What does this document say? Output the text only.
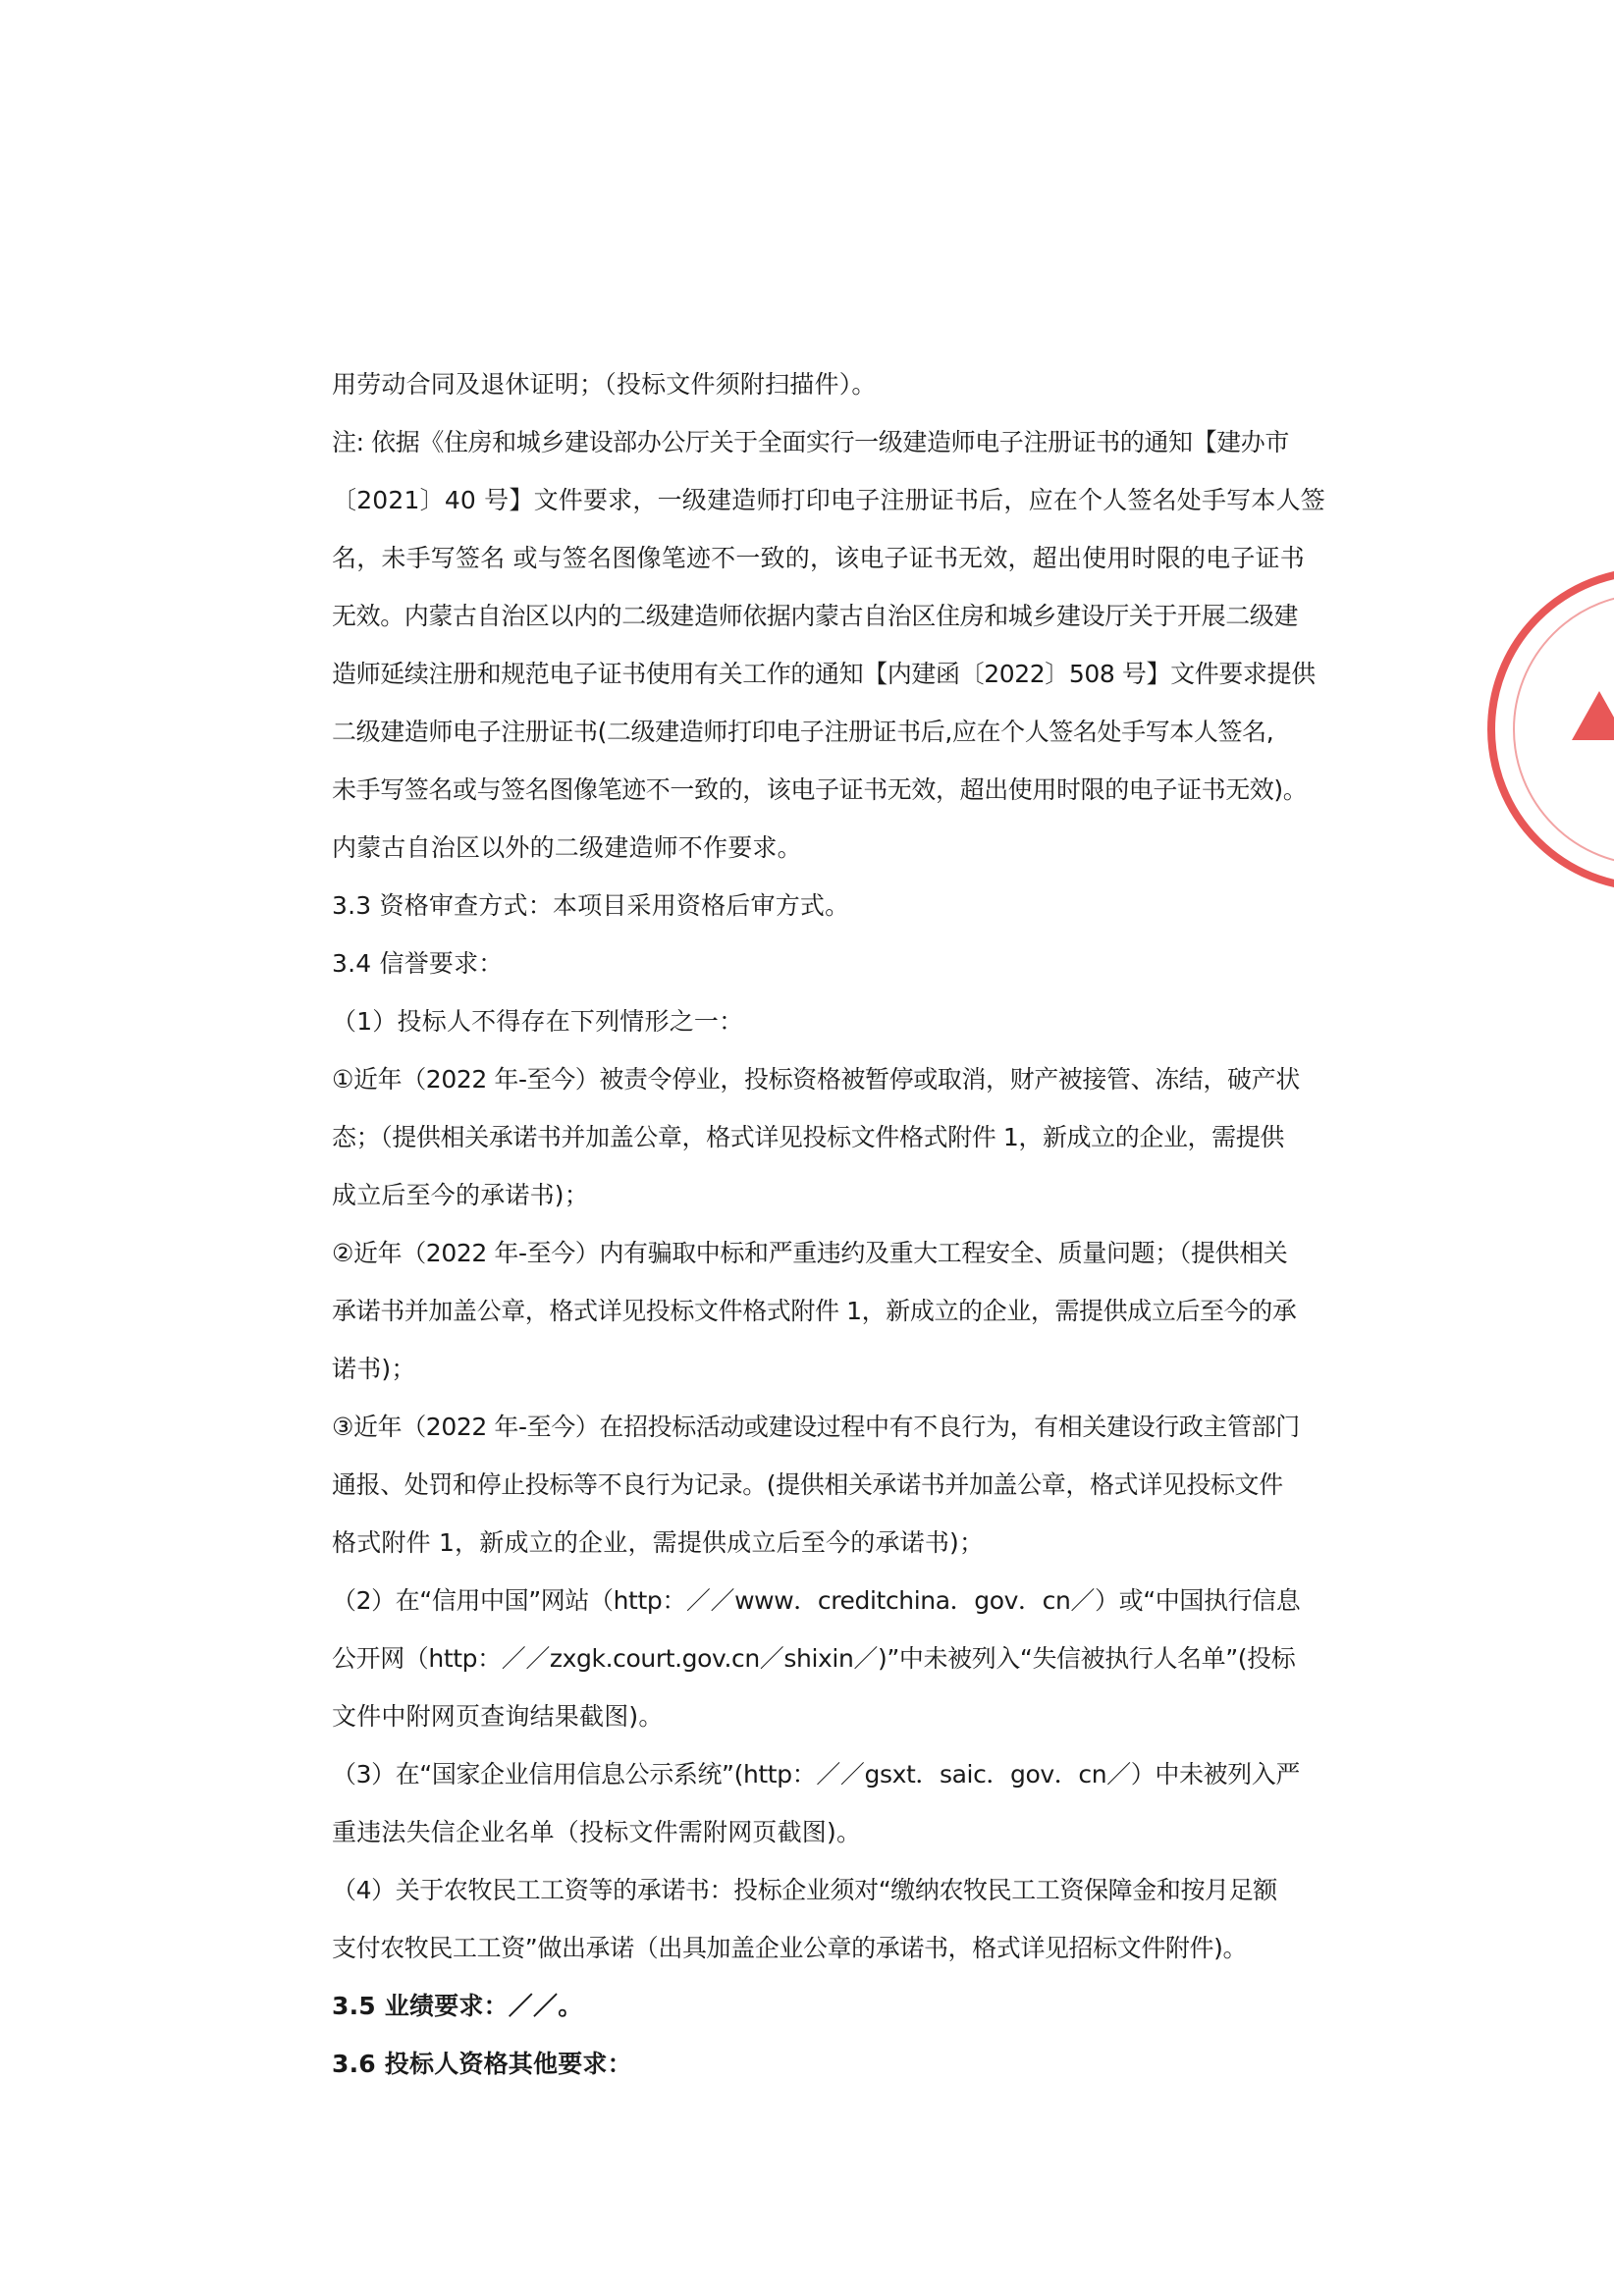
用劳动合同及退休证明；（投标文件须附扫描件）。
注: 依据《住房和城乡建设部办公厅关于全面实行一级建造师电子注册证书的通知【建办市
〔2021〕40 号】文件要求，一级建造师打印电子注册证书后，应在个人签名处手写本人签
名，未手写签名 或与签名图像笔迹不一致的，该电子证书无效，超出使用时限的电子证书
无效。内蒙古自治区以内的二级建造师依据内蒙古自治区住房和城乡建设厅关于开展二级建
造师延续注册和规范电子证书使用有关工作的通知【内建函〔2022〕508 号】文件要求提供
二级建造师电子注册证书(二级建造师打印电子注册证书后,应在个人签名处手写本人签名,
未手写签名或与签名图像笔迹不一致的，该电子证书无效，超出使用时限的电子证书无效)。
内蒙古自治区以外的二级建造师不作要求。
3.3 资格审查方式：本项目采用资格后审方式。
3.4 信誉要求：
（1）投标人不得存在下列情形之一：
①近年（2022 年-至今）被责令停业，投标资格被暂停或取消，财产被接管、冻结，破产状
态；（提供相关承诺书并加盖公章，格式详见投标文件格式附件 1，新成立的企业，需提供
成立后至今的承诺书)；
②近年（2022 年-至今）内有骗取中标和严重违约及重大工程安全、质量问题；（提供相关
承诺书并加盖公章，格式详见投标文件格式附件 1，新成立的企业，需提供成立后至今的承
诺书)；
③近年（2022 年-至今）在招投标活动或建设过程中有不良行为，有相关建设行政主管部门
通报、处罚和停止投标等不良行为记录。(提供相关承诺书并加盖公章，格式详见投标文件
格式附件 1，新成立的企业，需提供成立后至今的承诺书)；
（2）在“信用中国”网站（http：／／www．creditchina．gov．cn／）或“中国执行信息
公开网（http：／／zxgk.court.gov.cn／shixin／)”中未被列入“失信被执行人名单”(投标
文件中附网页查询结果截图)。
（3）在“国家企业信用信息公示系统”(http：／／gsxt．saic．gov．cn／）中未被列入严
重违法失信企业名单（投标文件需附网页截图)。
（4）关于农牧民工工资等的承诺书：投标企业须对“缴纳农牧民工工资保障金和按月足额
支付农牧民工工资”做出承诺（出具加盖企业公章的承诺书，格式详见招标文件附件)。
3.5 业绩要求：／／。
3.6 投标人资格其他要求：
